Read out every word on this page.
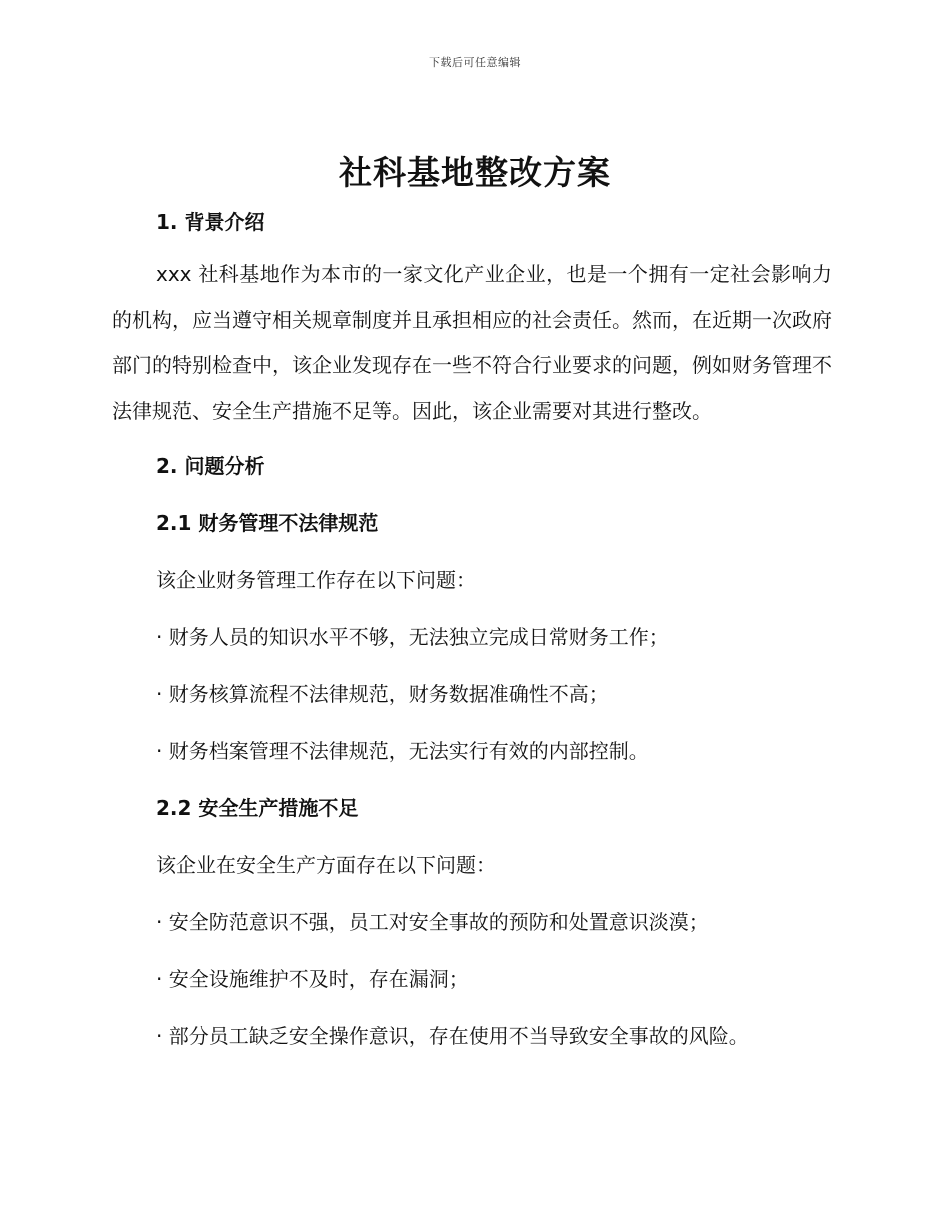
下载后可任意编辑
社科基地整改方案
1. 背景介绍

xxx 社科基地作为本市的一家文化产业企业，也是一个拥有一定社会影响力的机构，应当遵守相关规章制度并且承担相应的社会责任。然而，在近期一次政府部门的特别检查中，该企业发现存在一些不符合行业要求的问题，例如财务管理不法律规范、安全生产措施不足等。因此，该企业需要对其进行整改。

2. 问题分析
2.1 财务管理不法律规范
该企业财务管理工作存在以下问题：
· 财务人员的知识水平不够，无法独立完成日常财务工作；
· 财务核算流程不法律规范，财务数据准确性不高；
· 财务档案管理不法律规范，无法实行有效的内部控制。
2.2 安全生产措施不足
该企业在安全生产方面存在以下问题：
· 安全防范意识不强，员工对安全事故的预防和处置意识淡漠；
· 安全设施维护不及时，存在漏洞；
· 部分员工缺乏安全操作意识，存在使用不当导致安全事故的风险。
